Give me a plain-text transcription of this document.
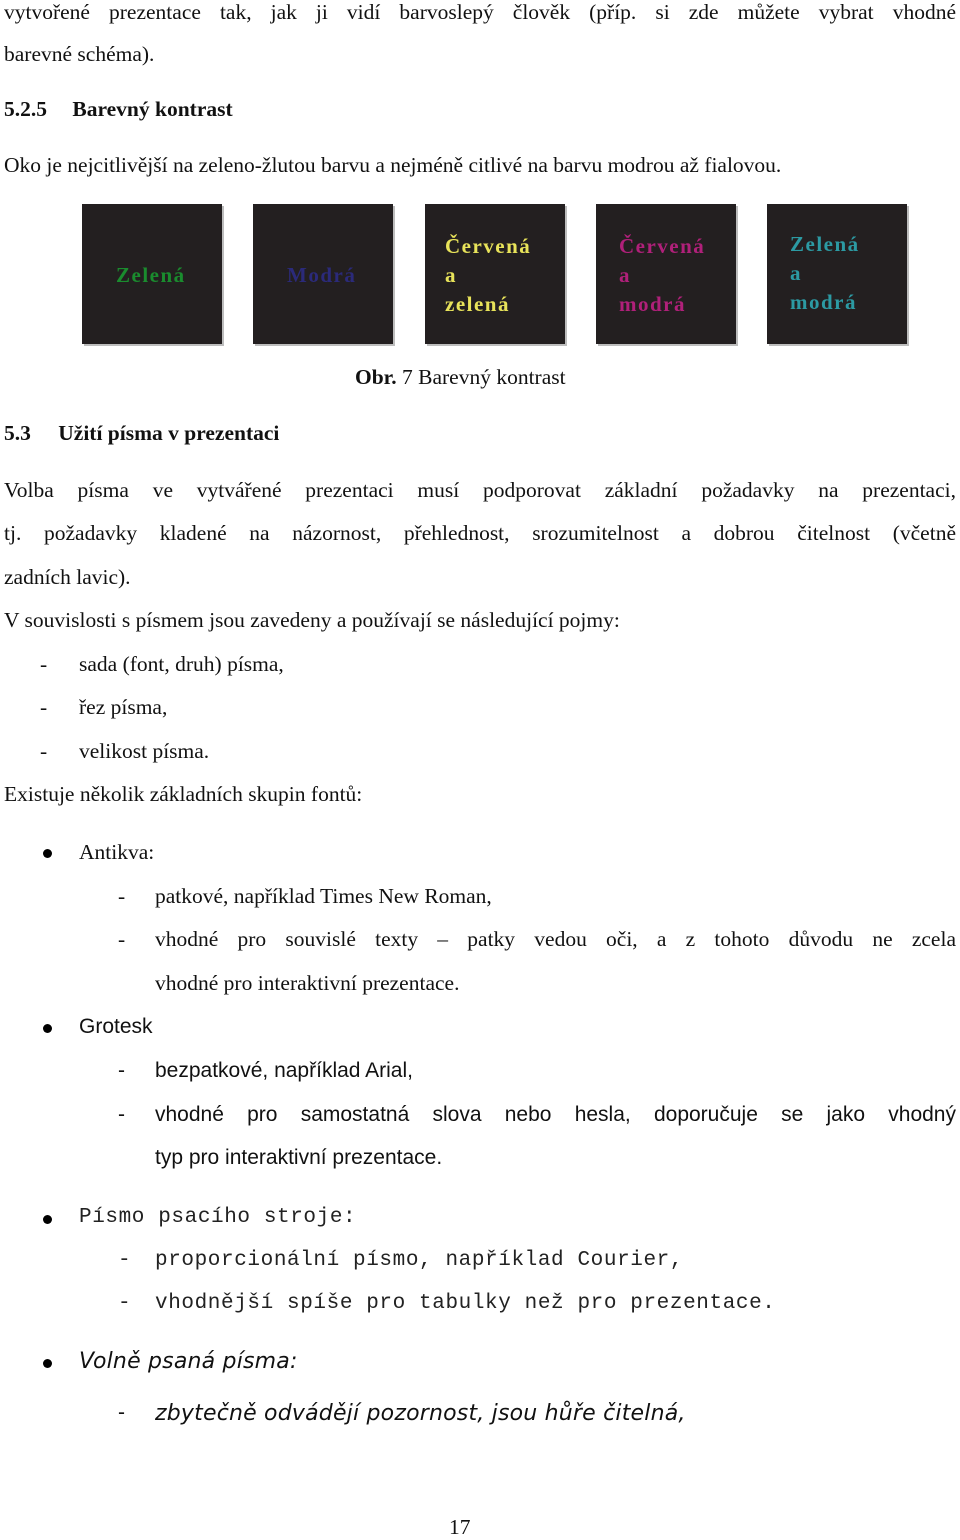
vytvořené prezentace tak, jak ji vidí barvoslepý člověk (příp. si zde můžete vybrat vhodné
barevné schéma).
5.2.5 Barevný kontrast
Oko je nejcitlivější na zeleno-žlutou barvu a nejméně citlivé na barvu modrou až fialovou.
Zelená	Modrá
Červená
a
zelená
Červená
a
modrá
Zelená
a
modrá
Obr. 7 Barevný kontrast
5.3 Užití písma v prezentaci
Volba písma ve vytvářené prezentaci musí podporovat základní požadavky na prezentaci,
tj. požadavky kladené na názornost, přehlednost, srozumitelnost a dobrou čitelnost (včetně
zadních lavic).
V souvislosti s písmem jsou zavedeny a používají se následující pojmy:
- sada (font, druh) písma,
- řez písma,
- velikost písma.
Existuje několik základních skupin fontů:
Antikva:
- patkové, například Times New Roman,
- vhodné pro souvislé texty – patky vedou oči, a z tohoto důvodu ne zcela
vhodné pro interaktivní prezentace.
Grotesk
- bezpatkové, například Arial,
- vhodné pro samostatná slova nebo hesla, doporučuje se jako vhodný
typ pro interaktivní prezentace.
Písmo psacího stroje:
- proporcionální písmo, například Courier,
- vhodnější spíše pro tabulky než pro prezentace.
Volně psaná písma:
- zbytečně odvádějí pozornost, jsou hůře čitelná,
17
